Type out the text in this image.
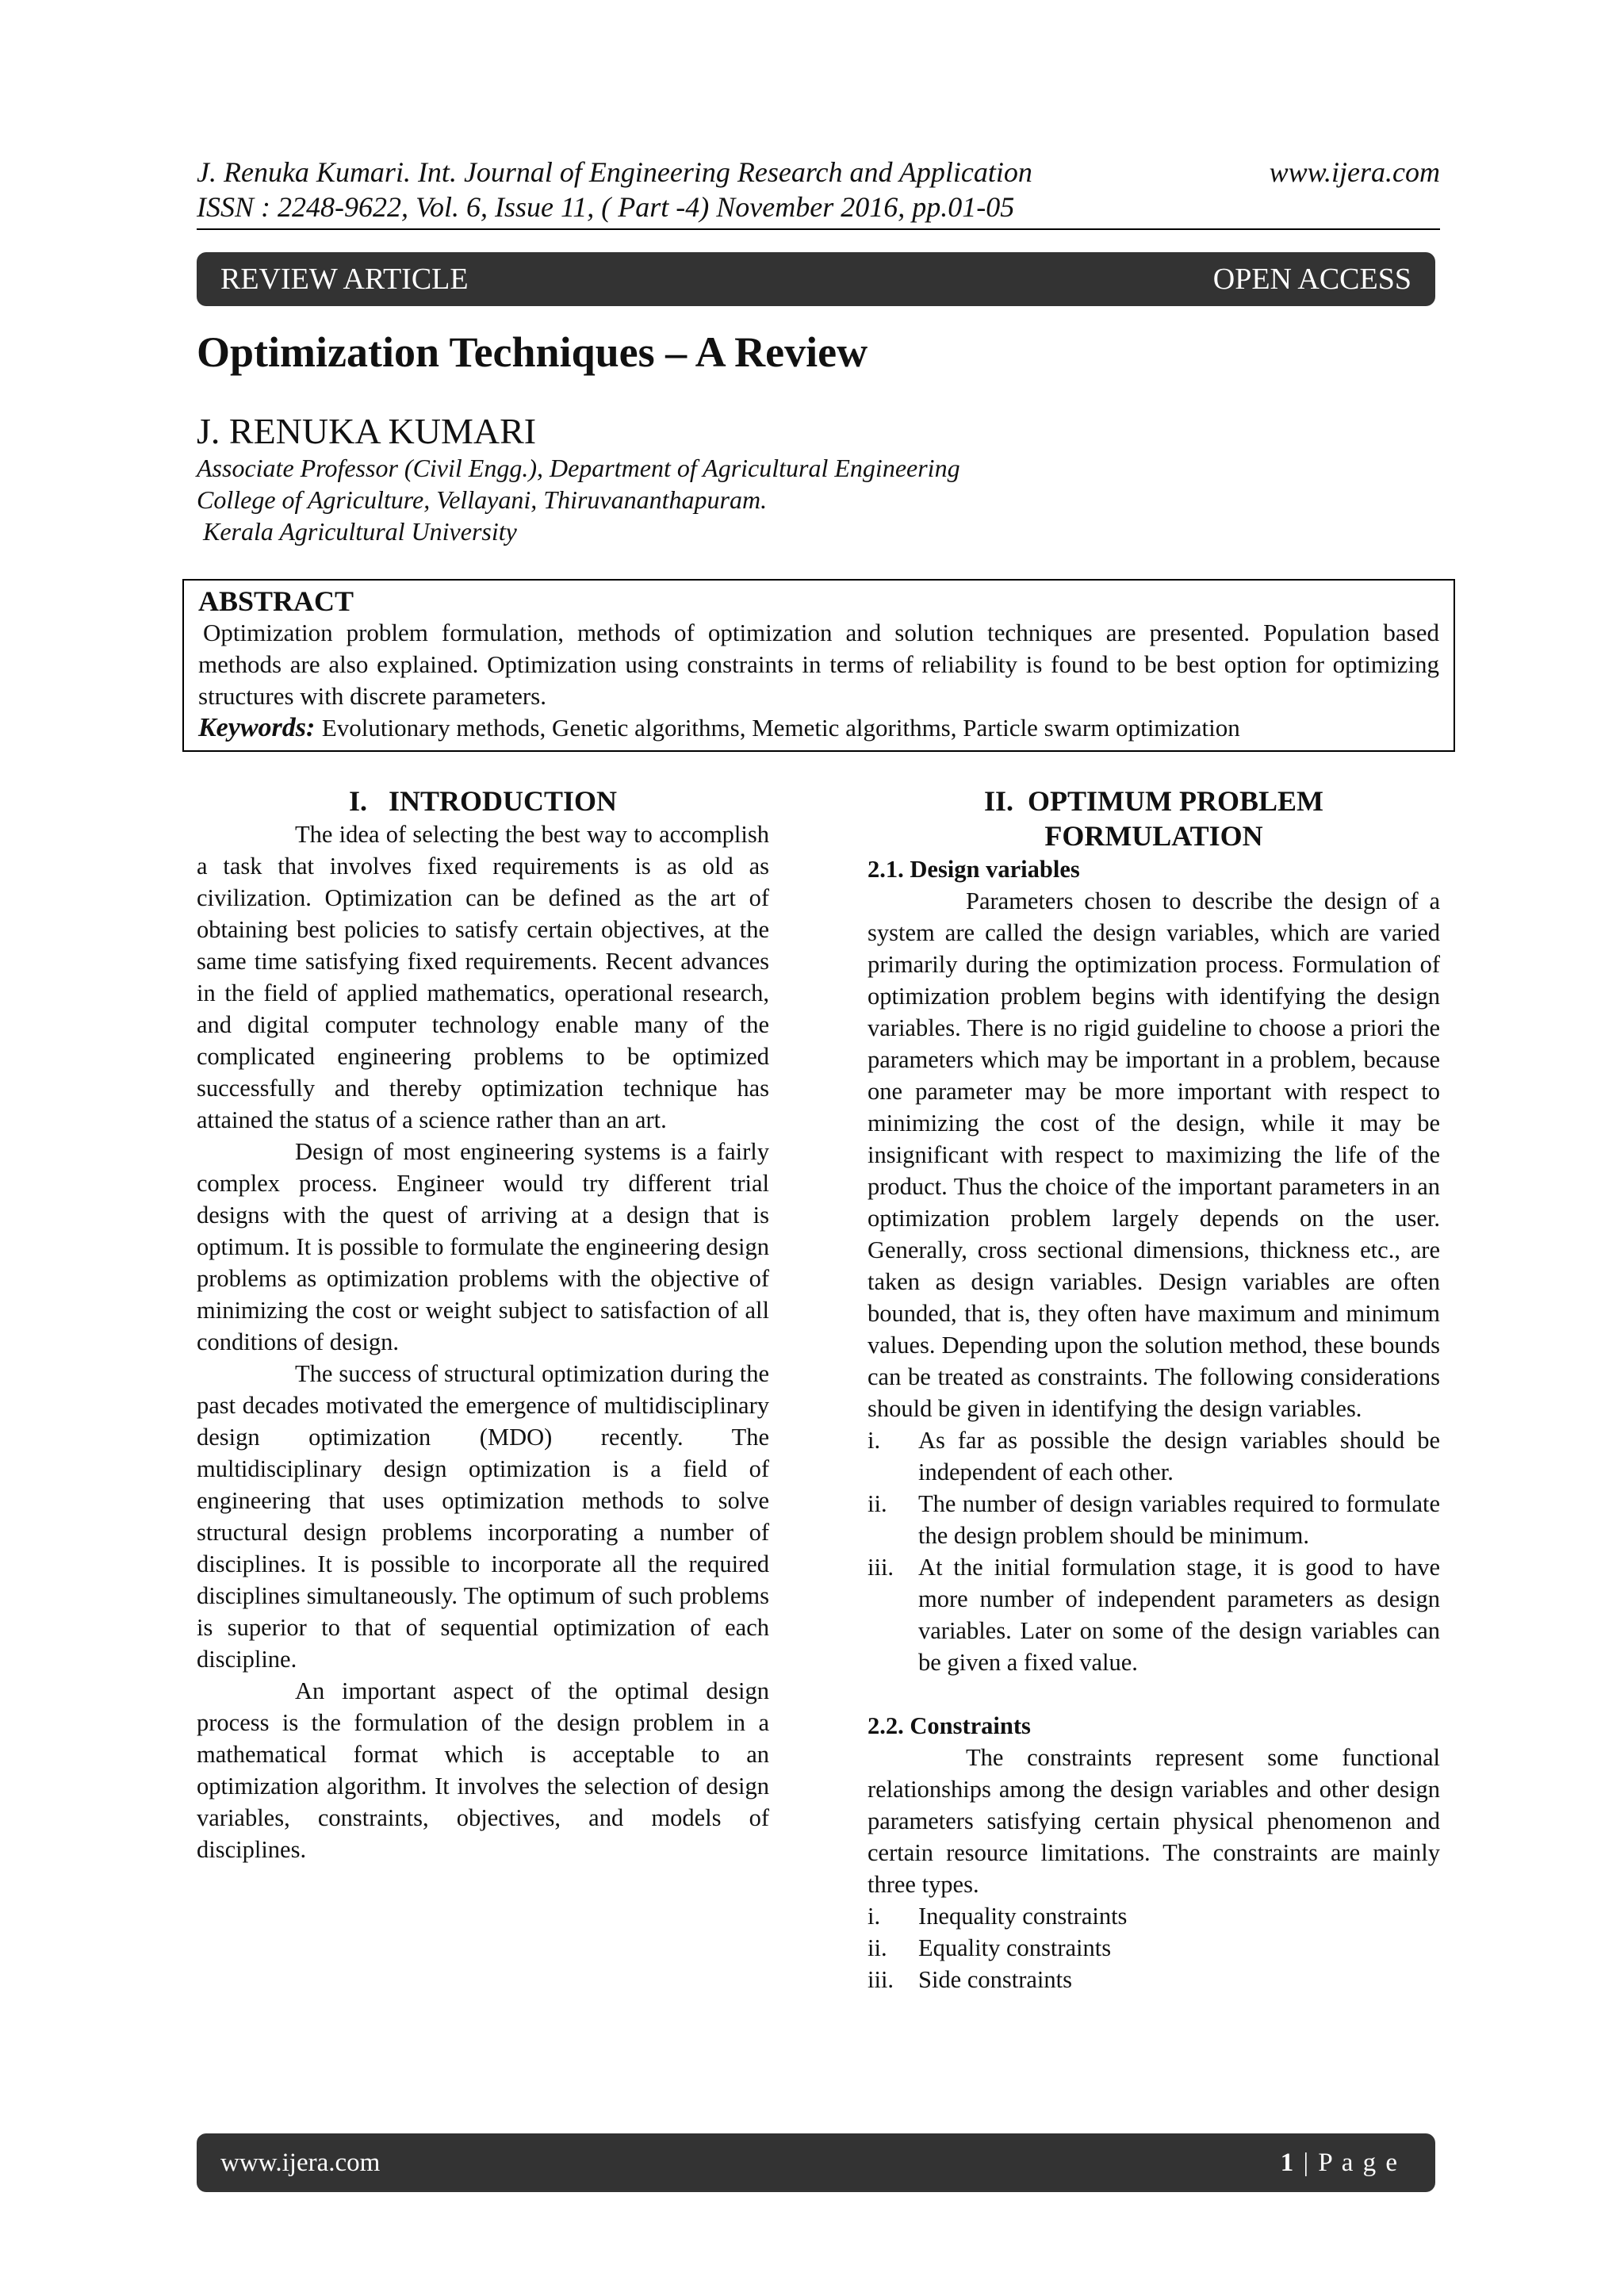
J. Renuka Kumari. Int. Journal of Engineering Research and Application	www.ijera.com
ISSN : 2248-9622, Vol. 6, Issue 11, ( Part -4) November 2016, pp.01-05
REVIEW ARTICLE	OPEN ACCESS
Optimization Techniques – A Review
J. RENUKA KUMARI
Associate Professor (Civil Engg.), Department of Agricultural Engineering
College of Agriculture, Vellayani, Thiruvananthapuram.
Kerala Agricultural University
ABSTRACT
Optimization problem formulation, methods of optimization and solution techniques are presented. Population based methods are also explained. Optimization using constraints in terms of reliability is found to be best option for optimizing structures with discrete parameters.
Keywords: Evolutionary methods, Genetic algorithms, Memetic algorithms, Particle swarm optimization
I.   INTRODUCTION

The idea of selecting the best way to accomplish a task that involves fixed requirements is as old as civilization. Optimization can be defined as the art of obtaining best policies to satisfy certain objectives, at the same time satisfying fixed requirements. Recent advances in the field of applied mathematics, operational research, and digital computer technology enable many of the complicated engineering problems to be optimized successfully and thereby optimization technique has attained the status of a science rather than an art.

Design of most engineering systems is a fairly complex process. Engineer would try different trial designs with the quest of arriving at a design that is optimum. It is possible to formulate the engineering design problems as optimization problems with the objective of minimizing the cost or weight subject to satisfaction of all conditions of design.

The success of structural optimization during the past decades motivated the emergence of multidisciplinary design optimization (MDO) recently. The multidisciplinary design optimization is a field of engineering that uses optimization methods to solve structural design problems incorporating a number of disciplines. It is possible to incorporate all the required disciplines simultaneously. The optimum of such problems is superior to that of sequential optimization of each discipline.

An important aspect of the optimal design process is the formulation of the design problem in a mathematical format which is acceptable to an optimization algorithm. It involves the selection of design variables, constraints, objectives, and models of disciplines.

II.  OPTIMUM PROBLEM
FORMULATION
2.1. Design variables

Parameters chosen to describe the design of a system are called the design variables, which are varied primarily during the optimization process. Formulation of optimization problem begins with identifying the design variables. There is no rigid guideline to choose a priori the parameters which may be important in a problem, because one parameter may be more important with respect to minimizing the cost of the design, while it may be insignificant with respect to maximizing the life of the product. Thus the choice of the important parameters in an optimization problem largely depends on the user. Generally, cross sectional dimensions, thickness etc., are taken as design variables. Design variables are often bounded, that is, they often have maximum and minimum values. Depending upon the solution method, these bounds can be treated as constraints. The following considerations should be given in identifying the design variables.

i. As far as possible the design variables should be independent of each other.
ii. The number of design variables required to formulate the design problem should be minimum.
iii. At the initial formulation stage, it is good to have more number of independent parameters as design variables. Later on some of the design variables can be given a fixed value.
2.2. Constraints

The constraints represent some functional relationships among the design variables and other design parameters satisfying certain physical phenomenon and certain resource limitations. The constraints are mainly three types.

i. Inequality constraints
ii. Equality constraints
iii. Side constraints
www.ijera.com	1 | P a g e
